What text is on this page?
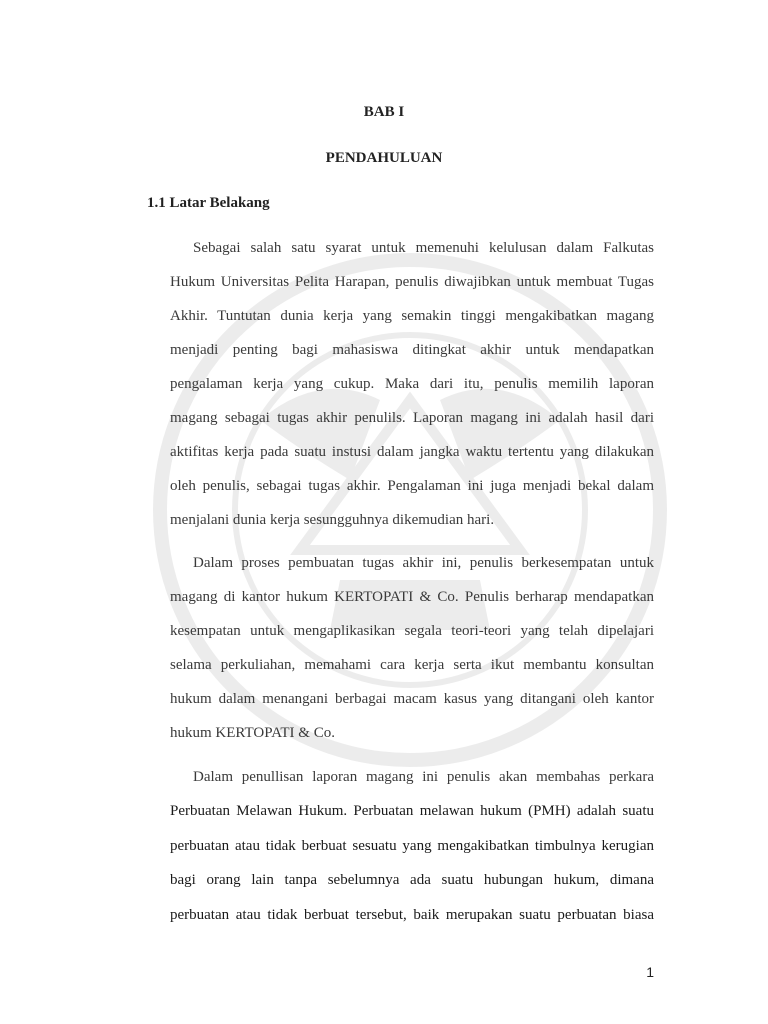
BAB I
PENDAHULUAN
1.1 Latar Belakang
Sebagai salah satu syarat untuk memenuhi kelulusan dalam Falkutas
Hukum Universitas Pelita Harapan, penulis diwajibkan untuk membuat Tugas
Akhir. Tuntutan dunia kerja yang semakin tinggi mengakibatkan magang
menjadi penting bagi mahasiswa ditingkat akhir untuk mendapatkan
pengalaman kerja yang cukup. Maka dari itu, penulis memilih laporan
magang sebagai tugas akhir penulils. Laporan magang ini adalah hasil dari
aktifitas kerja pada suatu instusi dalam jangka waktu tertentu yang dilakukan
oleh penulis, sebagai tugas akhir. Pengalaman ini juga menjadi bekal dalam
menjalani dunia kerja sesungguhnya dikemudian hari.
Dalam proses pembuatan tugas akhir ini, penulis berkesempatan untuk
magang di kantor hukum KERTOPATI & Co. Penulis berharap mendapatkan
kesempatan untuk mengaplikasikan segala teori-teori yang telah dipelajari
selama perkuliahan, memahami cara kerja serta ikut membantu konsultan
hukum dalam menangani berbagai macam kasus yang ditangani oleh kantor
hukum KERTOPATI & Co.
Dalam penullisan laporan magang ini penulis akan membahas perkara
Perbuatan Melawan Hukum. Perbuatan melawan hukum (PMH) adalah suatu
perbuatan atau tidak berbuat sesuatu yang mengakibatkan timbulnya kerugian
bagi orang lain tanpa sebelumnya ada suatu hubungan hukum, dimana
perbuatan atau tidak berbuat tersebut, baik merupakan suatu perbuatan biasa
1
